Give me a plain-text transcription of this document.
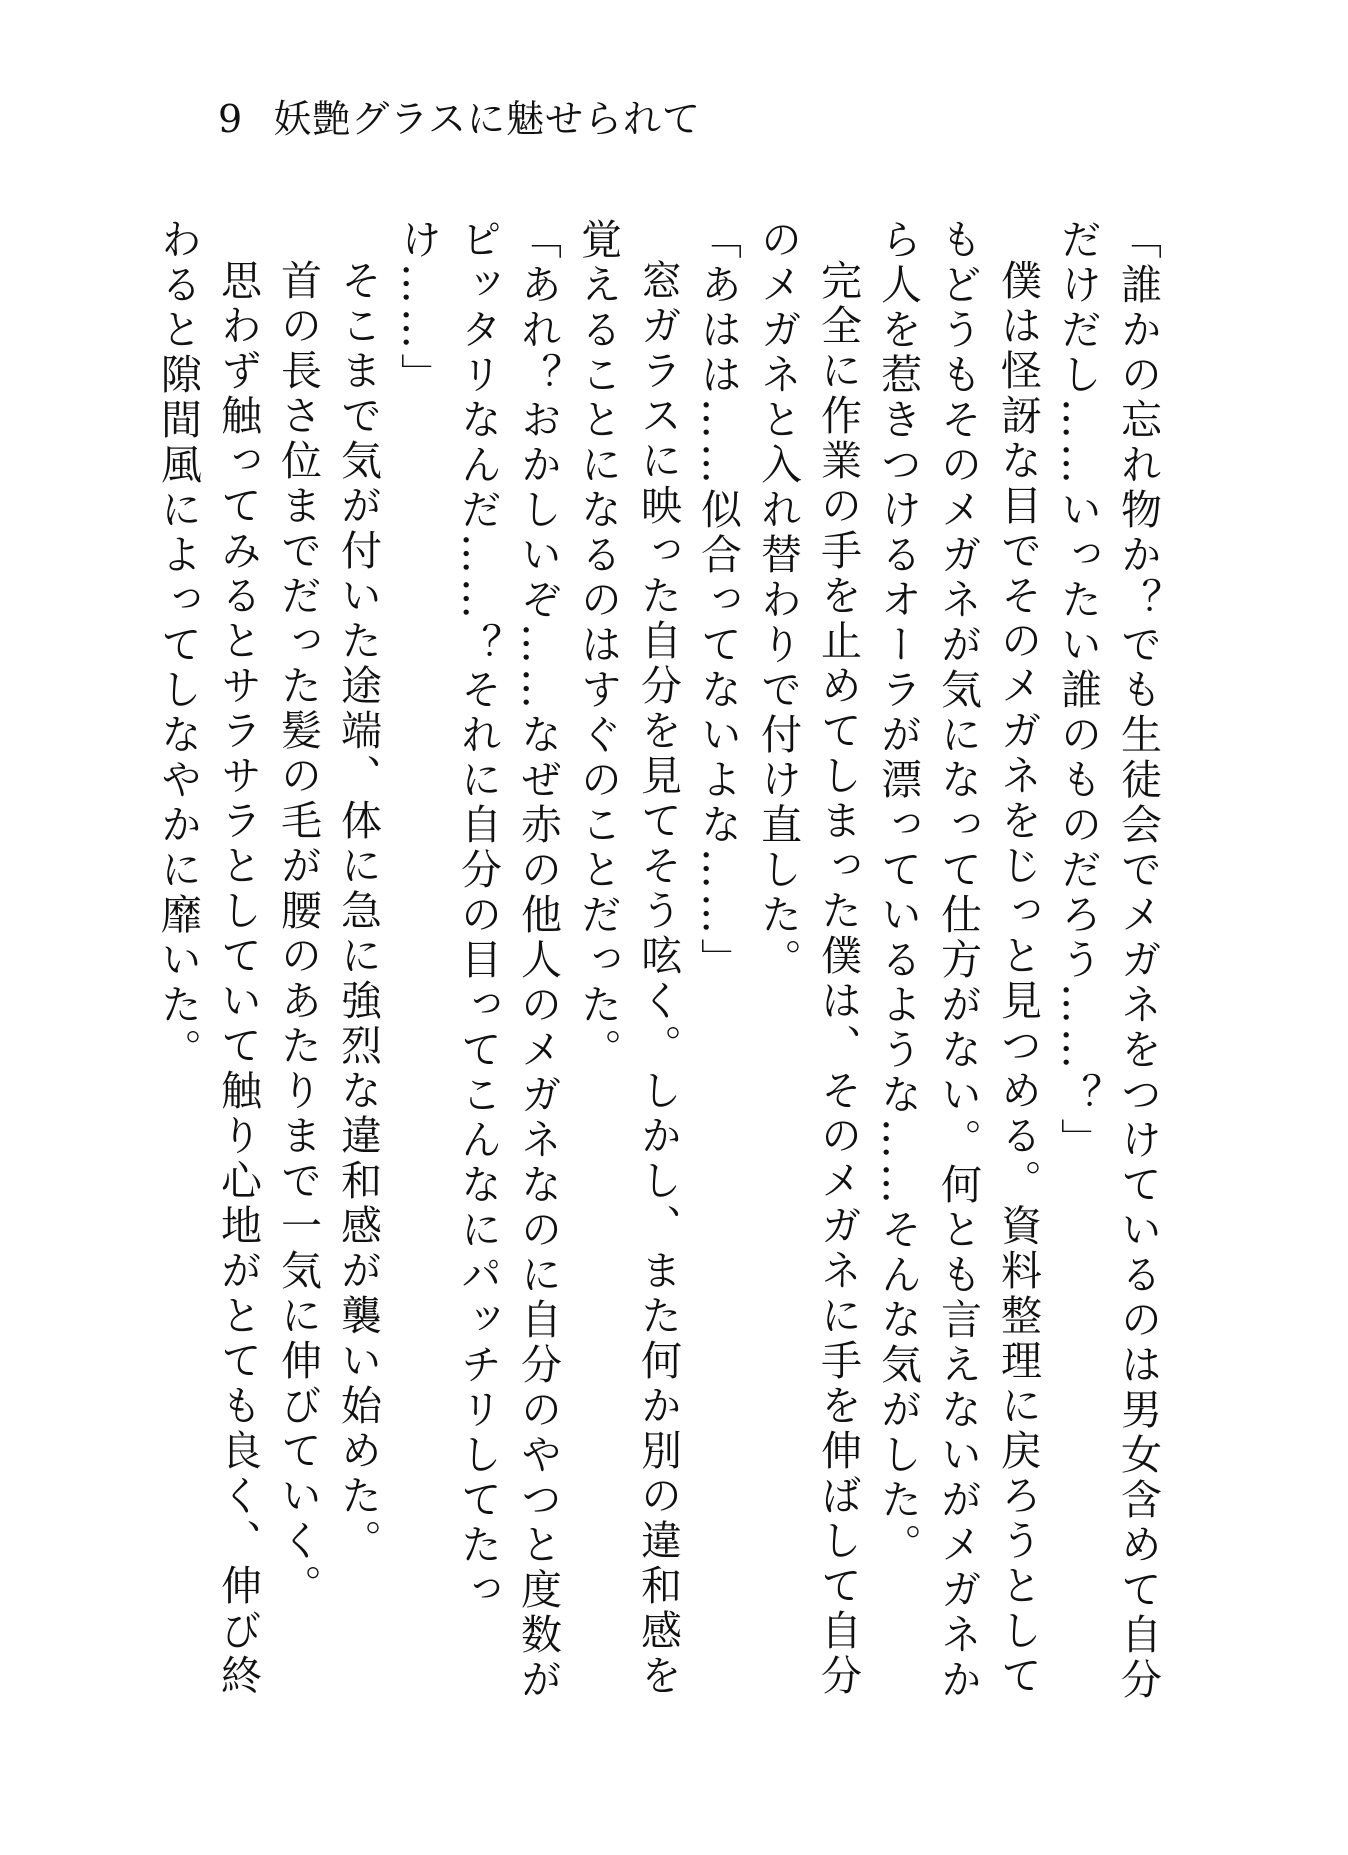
9 妖艶グラスに魅せられて

「誰かの忘れ物か？でも生徒会でメガネをつけているのは男女含めて自分だけだし……いったい誰のものだろう……？」

僕は怪訝な目でそのメガネをじっと見つめる。資料整理に戻ろうとしてもどうもそのメガネが気になって仕方がない。何とも言えないがメガネから人を惹きつけるオーラが漂っているような……そんな気がした。

完全に作業の手を止めてしまった僕は、そのメガネに手を伸ばして自分のメガネと入れ替わりで付け直した。

「あはは……似合ってないよな……」

窓ガラスに映った自分を見てそう呟く。しかし、また何か別の違和感を覚えることになるのはすぐのことだった。

「あれ？おかしいぞ……なぜ赤の他人のメガネなのに自分のやつと度数がピッタリなんだ……？それに自分の目ってこんなにパッチリしてたっけ……」

そこまで気が付いた途端、体に急に強烈な違和感が襲い始めた。

首の長さ位までだった髪の毛が腰のあたりまで一気に伸びていく。

思わず触ってみるとサラサラとしていて触り心地がとても良く、伸び終わると隙間風によってしなやかに靡いた。
